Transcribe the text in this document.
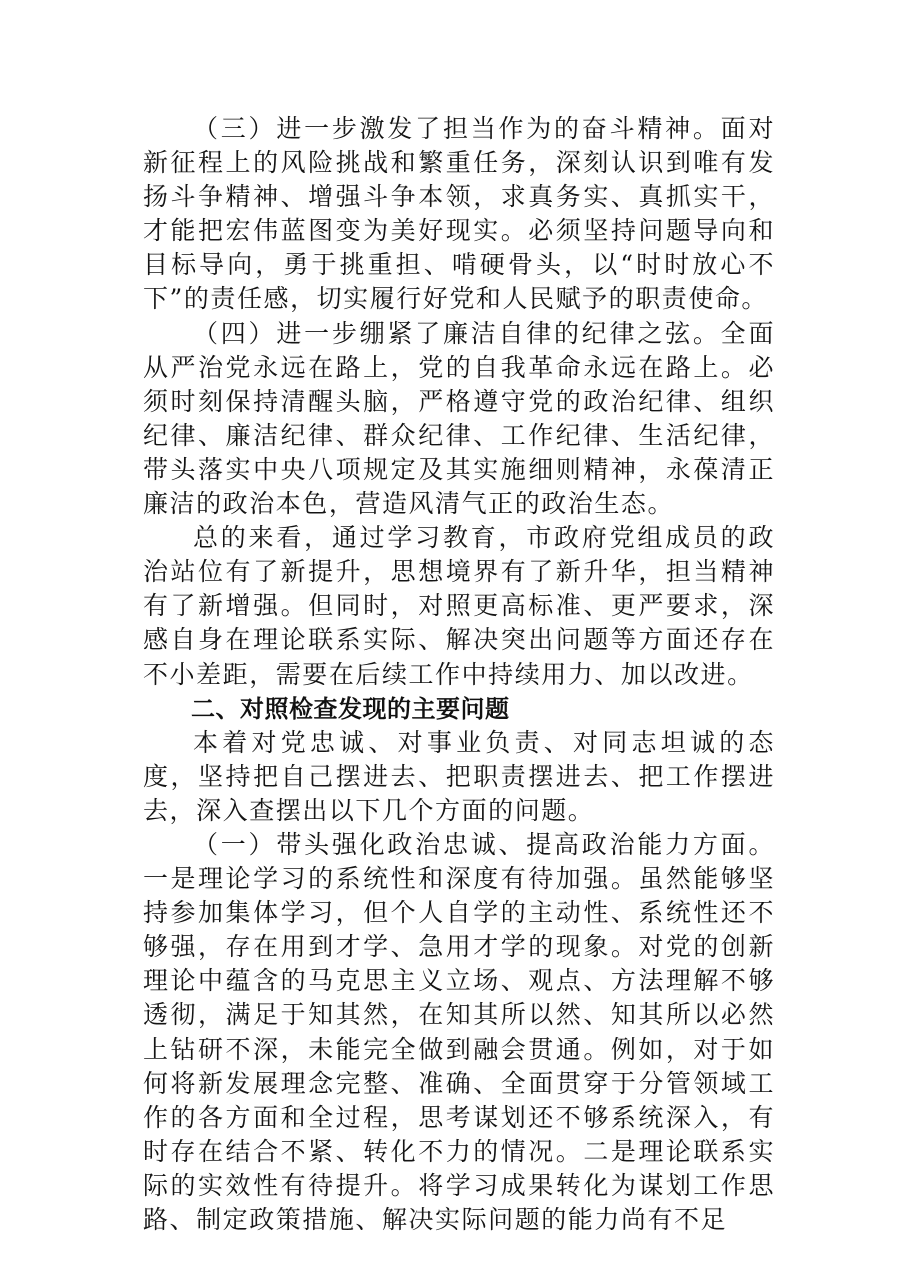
（三）进一步激发了担当作为的奋斗精神。面对新征程上的风险挑战和繁重任务，深刻认识到唯有发扬斗争精神、增强斗争本领，求真务实、真抓实干，才能把宏伟蓝图变为美好现实。必须坚持问题导向和目标导向，勇于挑重担、啃硬骨头，以“时时放心不下”的责任感，切实履行好党和人民赋予的职责使命。

（四）进一步绷紧了廉洁自律的纪律之弦。全面从严治党永远在路上，党的自我革命永远在路上。必须时刻保持清醒头脑，严格遵守党的政治纪律、组织纪律、廉洁纪律、群众纪律、工作纪律、生活纪律，带头落实中央八项规定及其实施细则精神，永葆清正廉洁的政治本色，营造风清气正的政治生态。

总的来看，通过学习教育，市政府党组成员的政治站位有了新提升，思想境界有了新升华，担当精神有了新增强。但同时，对照更高标准、更严要求，深感自身在理论联系实际、解决突出问题等方面还存在不小差距，需要在后续工作中持续用力、加以改进。

二、对照检查发现的主要问题

本着对党忠诚、对事业负责、对同志坦诚的态度，坚持把自己摆进去、把职责摆进去、把工作摆进去，深入查摆出以下几个方面的问题。

（一）带头强化政治忠诚、提高政治能力方面。一是理论学习的系统性和深度有待加强。虽然能够坚持参加集体学习，但个人自学的主动性、系统性还不够强，存在用到才学、急用才学的现象。对党的创新理论中蕴含的马克思主义立场、观点、方法理解不够透彻，满足于知其然，在知其所以然、知其所以必然上钻研不深，未能完全做到融会贯通。例如，对于如何将新发展理念完整、准确、全面贯穿于分管领域工作的各方面和全过程，思考谋划还不够系统深入，有时存在结合不紧、转化不力的情况。二是理论联系实际的实效性有待提升。将学习成果转化为谋划工作思路、制定政策措施、解决实际问题的能力尚有不足
